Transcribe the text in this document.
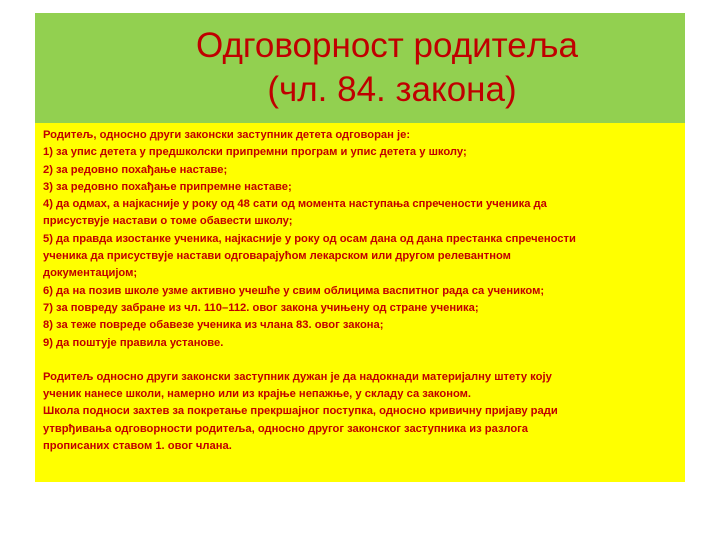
Одговорност родитеља
(чл. 84. закона)
Родитељ, односно други законски заступник детета одговоран је:
1) за упис детета у предшколски припремни програм и упис детета у школу;
2) за редовно похађање наставе;
3) за редовно похађање припремне наставе;
4) да одмах, а најкасније у року од 48 сати од момента наступања спречености ученика да
присуствује настави о томе обавести школу;
5) да правда изостанке ученика, најкасније у року од осам дана од дана престанка спречености
ученика да присуствује настави одговарајућом лекарском или другом релевантном
документацијом;
6) да на позив школе узме активно учешће у свим облицима васпитног рада са учеником;
7) за повреду забране из чл. 110–112. овог закона учињену од стране ученика;
8) за теже повреде обавезе ученика из члана 83. овог закона;
9) да поштује правила установе.
Родитељ односно други законски заступник дужан је да надокнади материјалну штету коју
ученик нанесе школи, намерно или из крајње непажње, у складу са законом.
Школа подноси захтев за покретање прекршајног поступка, односно кривичну пријаву ради
утврђивања одговорности родитеља, односно другог законског заступника из разлога
прописаних ставом 1. овог члана.
